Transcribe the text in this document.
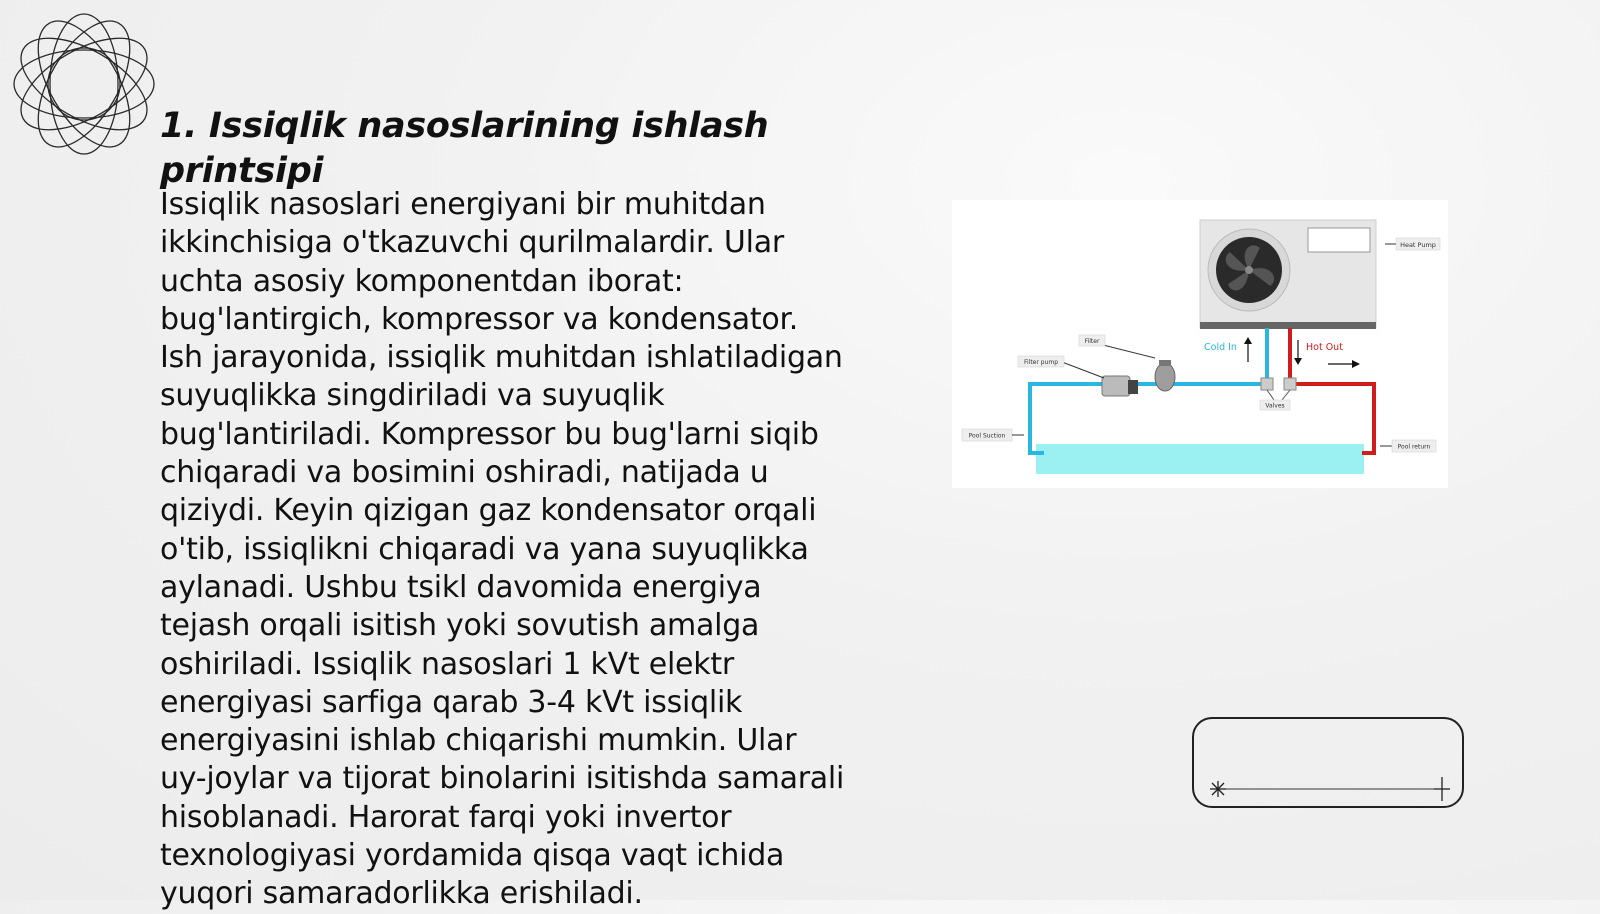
1. Issiqlik nasoslarining ishlash printsipi
Issiqlik nasoslari energiyani bir muhitdan ikkinchisiga o'tkazuvchi qurilmalardir. Ular uchta asosiy komponentdan iborat: bug'lantirgich, kompressor va kondensator. Ish jarayonida, issiqlik muhitdan ishlatiladigan suyuqlikka singdiriladi va suyuqlik bug'lantiriladi. Kompressor bu bug'larni siqib chiqaradi va bosimini oshiradi, natijada u qiziydi. Keyin qizigan gaz kondensator orqali o'tib, issiqlikni chiqaradi va yana suyuqlikka aylanadi. Ushbu tsikl davomida energiya tejash orqali isitish yoki sovutish amalga oshiriladi. Issiqlik nasoslari 1 kVt elektr energiyasi sarfiga qarab 3-4 kVt issiqlik energiyasini ishlab chiqarishi mumkin. Ular uy-joylar va tijorat binolarini isitishda samarali hisoblanadi. Harorat farqi yoki invertor texnologiyasi yordamida qisqa vaqt ichida yuqori samaradorlikka erishiladi.
Heat Pump
Valves
Filter
Filter pump
Cold In	Hot Out
Pool Suction
Pool return
